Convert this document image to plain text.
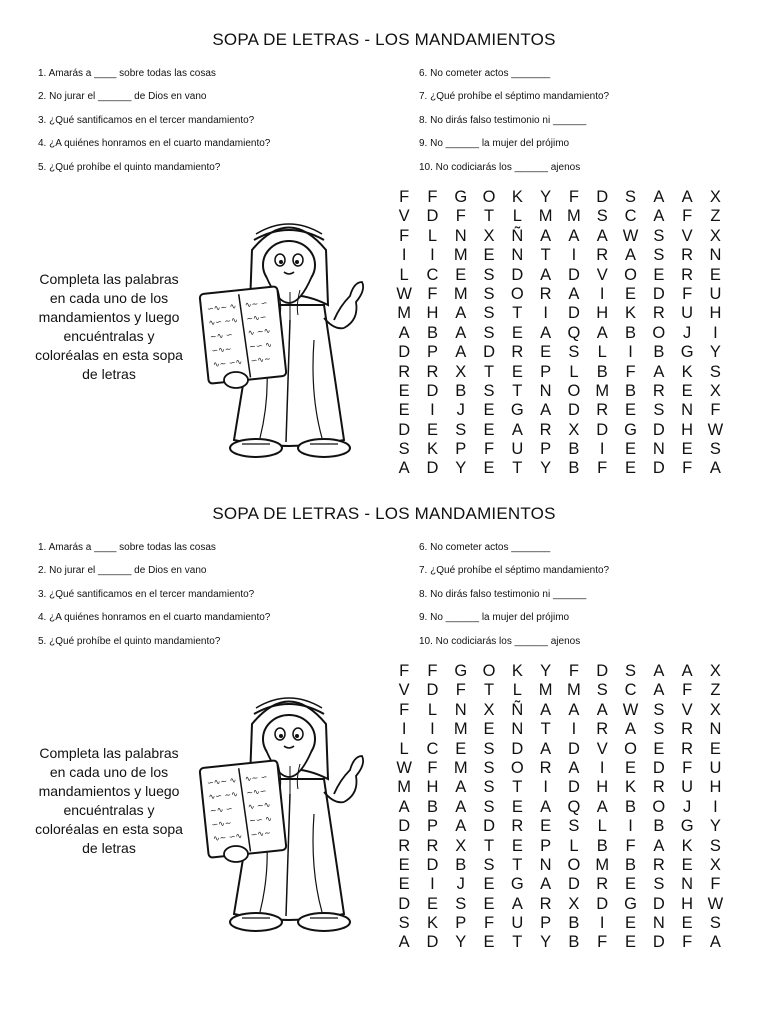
SOPA DE LETRAS - LOS MANDAMIENTOS
1. Amarás a ____ sobre todas las cosas
2. No jurar el ______ de Dios en vano
3. ¿Qué santificamos en el tercer mandamiento?
4. ¿A quiénes honramos en el cuarto mandamiento?
5. ¿Qué prohíbe el quinto mandamiento?
6. No cometer actos _______
7. ¿Qué prohíbe el séptimo mandamiento?
8. No dirás falso testimonio ni ______
9. No ______ la mujer del prójimo
10. No codiciarás los ______ ajenos
Completa las palabras en cada uno de los mandamientos y luego encuéntralas y coloréalas en esta sopa de letras
F	F	G O K	Y	F	D	S	A	A	X
V	D	F	T	L	M M S	C	A	F	Z
F	L	N	X	Ñ	A	A	A W S	V	X
I	I	M E	N	T	I	R	A	S	R N
L	C	E	S	D	A	D	V O E	R	E
W F M S O R	A	I	E	D	F	U
M H	A	S	T	I	D H	K	R U H
A	B	A	S	E	A Q A	B O	J	I
D	P	A	D R	E	S	L	I	B G Y
R R	X	T	E	P	L	B	F	A	K	S
E	D	B	S	T	N O M B	R	E	X
E	I	J	E G A	D R	E	S	N	F
D	E	S	E	A	R	X	D G D H W
S	K	P	F	U	P	B	I	E	N	E	S
A	D	Y	E	T	Y	B	F	E	D	F	A
SOPA DE LETRAS - LOS MANDAMIENTOS
1. Amarás a ____ sobre todas las cosas
2. No jurar el ______ de Dios en vano
3. ¿Qué santificamos en el tercer mandamiento?
4. ¿A quiénes honramos en el cuarto mandamiento?
5. ¿Qué prohíbe el quinto mandamiento?
6. No cometer actos _______
7. ¿Qué prohíbe el séptimo mandamiento?
8. No dirás falso testimonio ni ______
9. No ______ la mujer del prójimo
10. No codiciarás los ______ ajenos
Completa las palabras en cada uno de los mandamientos y luego encuéntralas y coloréalas en esta sopa de letras
F	F	G O K	Y	F	D	S	A	A	X
V	D	F	T	L	M M S	C	A	F	Z
F	L	N	X	Ñ	A	A	A W S	V	X
I	I	M E	N	T	I	R	A	S	R N
L	C	E	S	D	A	D	V O E	R	E
W F M S O R	A	I	E	D	F	U
M H	A	S	T	I	D H	K	R U H
A	B	A	S	E	A Q A	B O	J	I
D	P	A	D R	E	S	L	I	B G Y
R R	X	T	E	P	L	B	F	A	K	S
E	D	B	S	T	N O M B	R	E	X
E	I	J	E G A	D R	E	S	N	F
D	E	S	E	A	R	X	D G D H W
S	K	P	F	U	P	B	I	E	N	E	S
A	D	Y	E	T	Y	B	F	E	D	F	A
